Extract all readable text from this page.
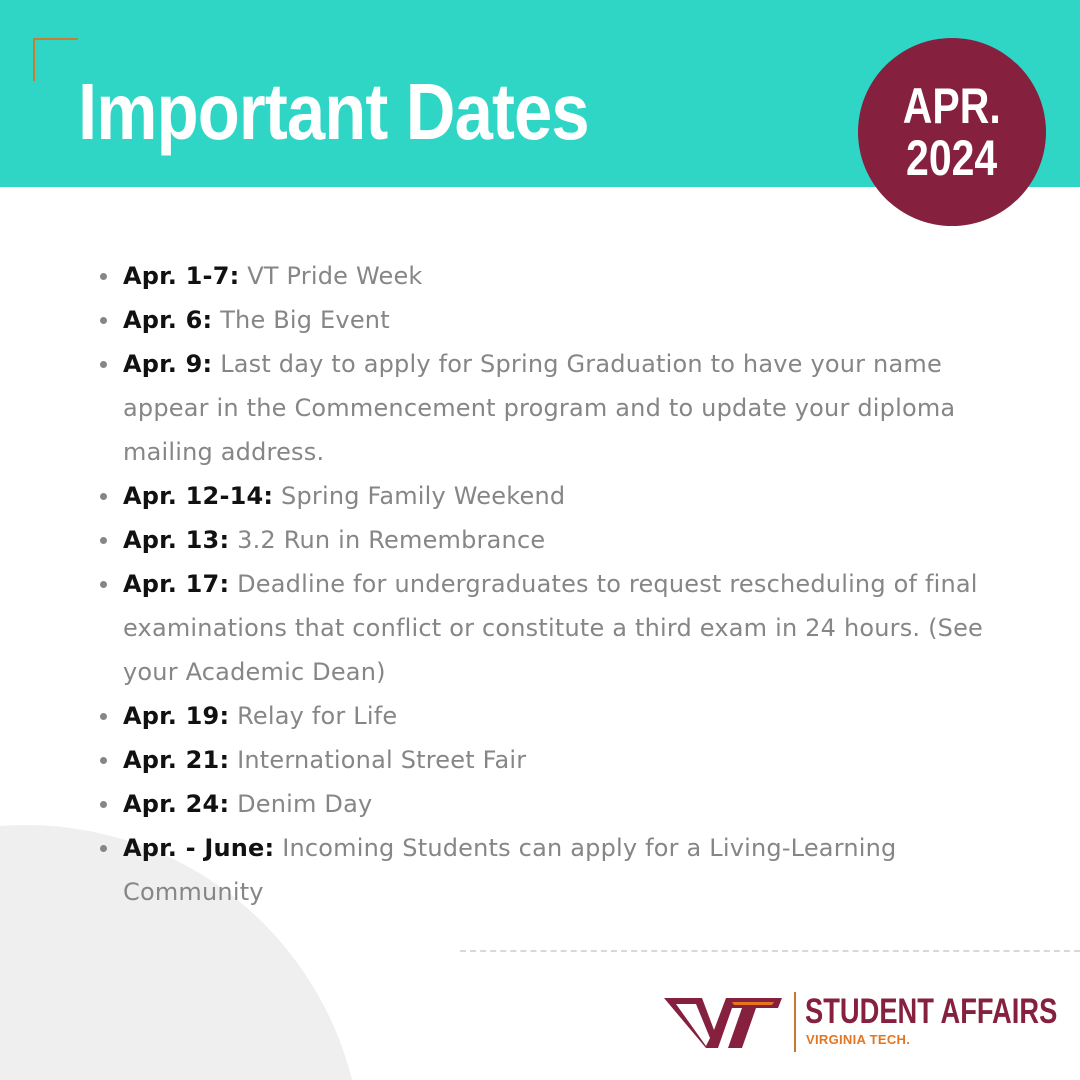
Important Dates	APR.
2024
Apr. 1-7: VT Pride Week
Apr. 6: The Big Event
Apr. 9: Last day to apply for Spring Graduation to have your name appear in the Commencement program and to update your diploma mailing address.
Apr. 12-14: Spring Family Weekend
Apr. 13: 3.2 Run in Remembrance
Apr. 17: Deadline for undergraduates to request rescheduling of final examinations that conflict or constitute a third exam in 24 hours. (See your Academic Dean)
Apr. 19: Relay for Life
Apr. 21: International Street Fair
Apr. 24: Denim Day
Apr. - June: Incoming Students can apply for a Living-Learning Community
STUDENT AFFAIRS
VIRGINIA TECH.
